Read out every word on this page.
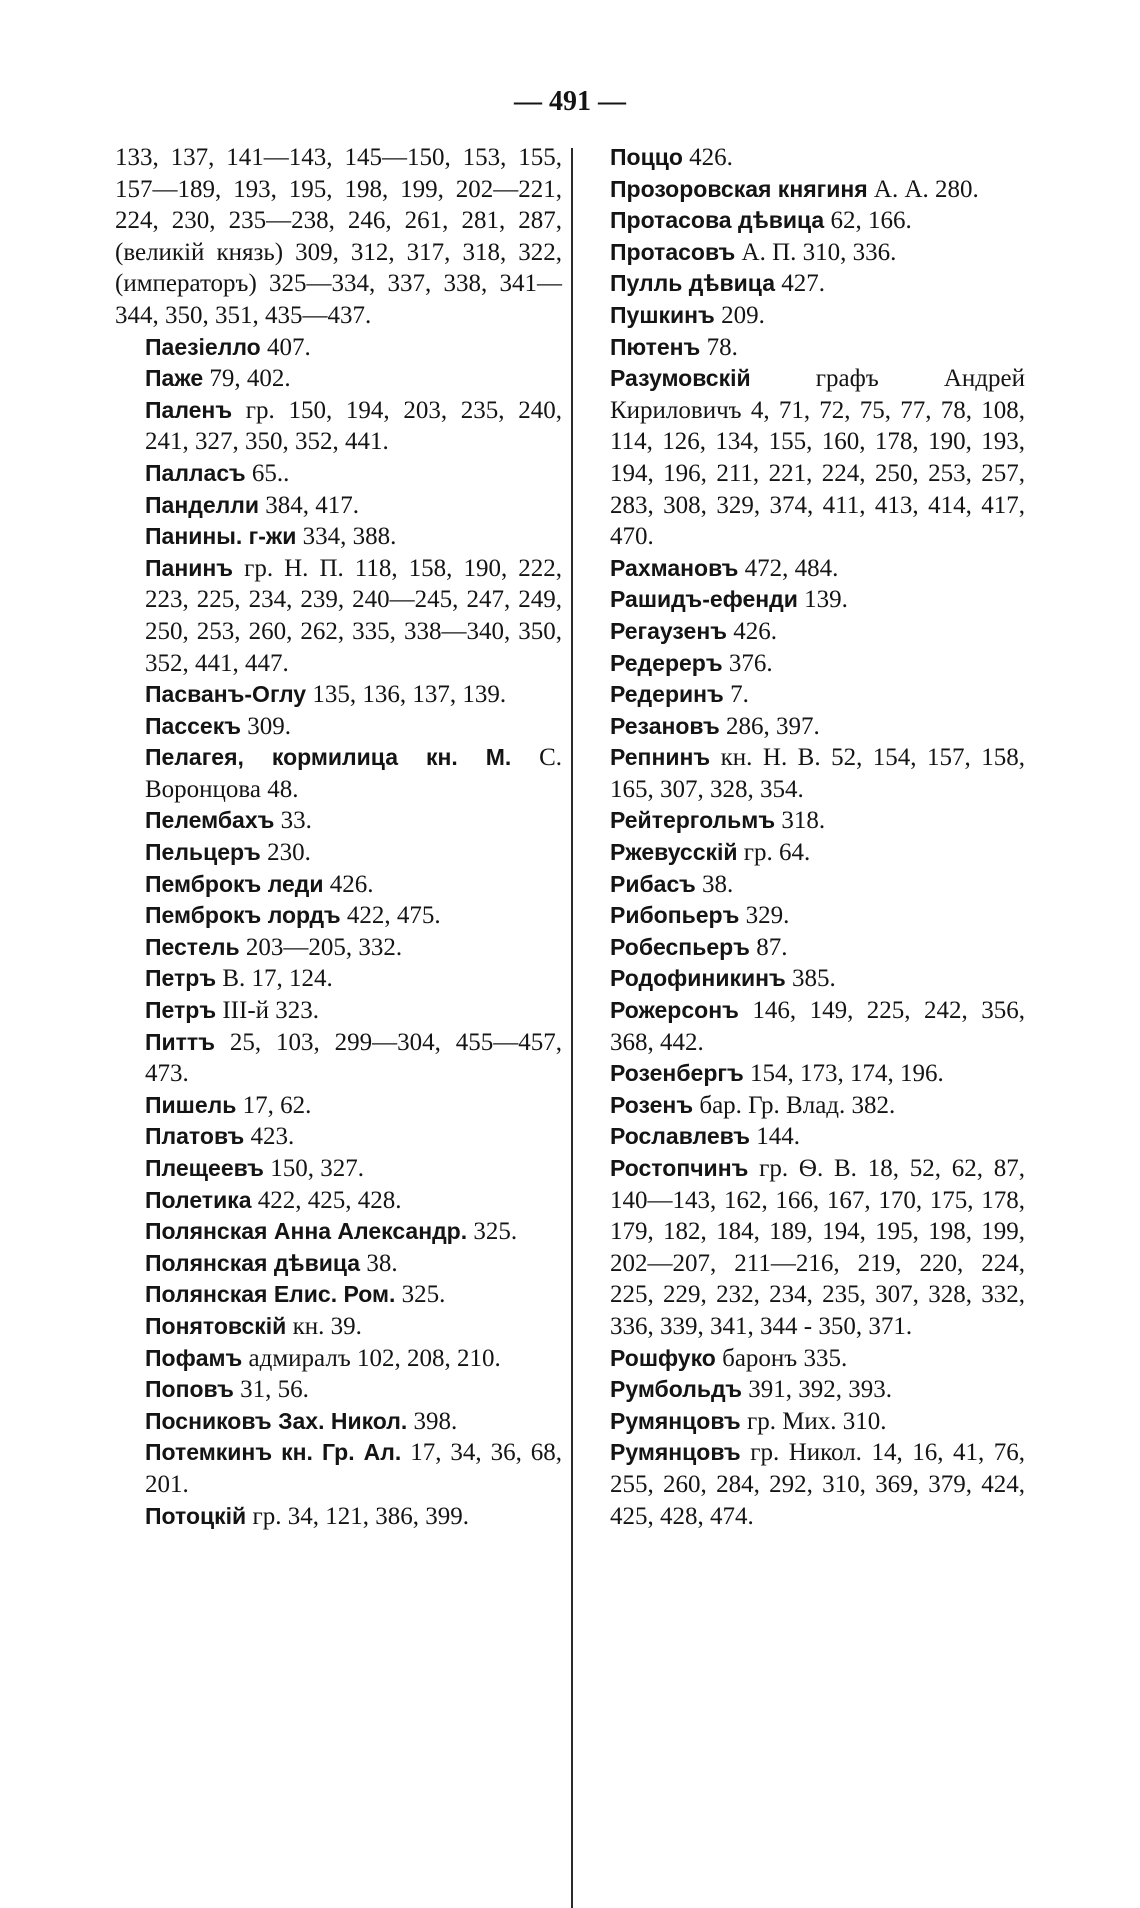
— 491 —

133, 137, 141—143, 145—150, 153, 155, 157—189, 193, 195, 198, 199, 202—221, 224, 230, 235—238, 246, 261, 281, 287, (великій князь) 309, 312, 317, 318, 322, (императоръ) 325—334, 337, 338, 341—344, 350, 351, 435—437.

Паезіелло 407.

Паже 79, 402.

Паленъ гр. 150, 194, 203, 235, 240, 241, 327, 350, 352, 441.

Палласъ 65..

Панделли 384, 417.

Панины. г-жи 334, 388.

Панинъ гр. Н. П. 118, 158, 190, 222, 223, 225, 234, 239, 240—245, 247, 249, 250, 253, 260, 262, 335, 338—340, 350, 352, 441, 447.

Пасванъ-Оглу 135, 136, 137, 139.

Пассекъ 309.

Пелагея, кормилица кн. М. С. Воронцова 48.

Пелембахъ 33.

Пельцеръ 230.

Пемброкъ леди 426.

Пемброкъ лордъ 422, 475.

Пестель 203—205, 332.

Петръ В. 17, 124.

Петръ III-й 323.

Питтъ 25, 103, 299—304, 455—457, 473.

Пишель 17, 62.

Платовъ 423.

Плещеевъ 150, 327.

Полетика 422, 425, 428.

Полянская Анна Александр. 325.

Полянская дѣвица 38.

Полянская Елис. Ром. 325.

Понятовскій кн. 39.

Пофамъ адмиралъ 102, 208, 210.

Поповъ 31, 56.

Посниковъ Зах. Никол. 398.

Потемкинъ кн. Гр. Ал. 17, 34, 36, 68, 201.

Потоцкій гр. 34, 121, 386, 399.

Поццо 426.

Прозоровская княгиня А. А. 280.

Протасова дѣвица 62, 166.

Протасовъ А. П. 310, 336.

Пулль дѣвица 427.

Пушкинъ 209.

Пютенъ 78.

Разумовскій	графъ Андрей Кириловичъ 4, 71, 72, 75, 77, 78, 108, 114, 126, 134, 155, 160, 178, 190, 193, 194, 196, 211, 221, 224, 250, 253, 257, 283, 308, 329, 374, 411, 413, 414, 417, 470.

Рахмановъ 472, 484.

Рашидъ-ефенди 139.

Регаузенъ 426.

Редереръ 376.

Редеринъ 7.

Резановъ 286, 397.

Репнинъ кн. Н. В. 52, 154, 157, 158, 165, 307, 328, 354.

Рейтергольмъ 318.

Ржевусскій гр. 64.

Рибасъ 38.

Рибопьеръ 329.

Робеспьеръ 87.

Родофиникинъ 385.

Рожерсонъ 146, 149, 225, 242, 356, 368, 442.

Розенбергъ 154, 173, 174, 196.

Розенъ бар. Гр. Влад. 382.

Рославлевъ 144.

Ростопчинъ гр. Ѳ. В. 18, 52, 62, 87, 140—143, 162, 166, 167, 170, 175, 178, 179, 182, 184, 189, 194, 195, 198, 199, 202—207, 211—216, 219, 220, 224, 225, 229, 232, 234, 235, 307, 328, 332, 336, 339, 341, 344 - 350, 371.

Рошфуко баронъ 335.

Румбольдъ 391, 392, 393.

Румянцовъ гр. Мих. 310.

Румянцовъ гр. Никол. 14, 16, 41, 76, 255, 260, 284, 292, 310, 369, 379, 424, 425, 428, 474.
